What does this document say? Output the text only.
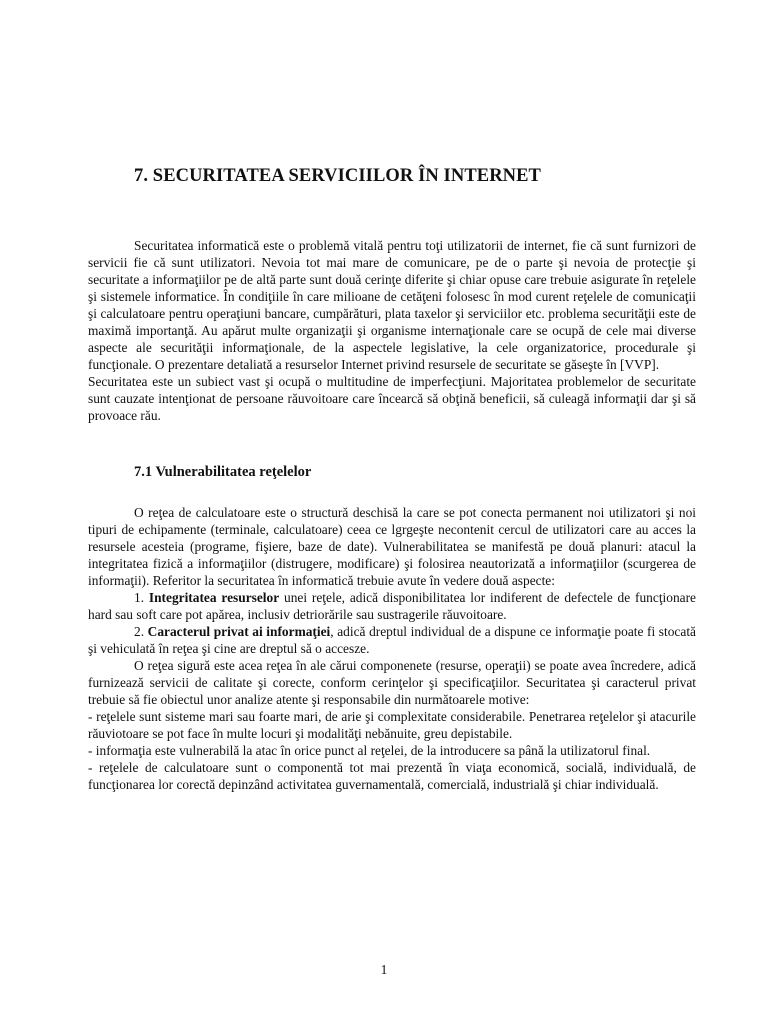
7. SECURITATEA SERVICIILOR ÎN INTERNET

Securitatea informatică este o problemă vitală pentru toţi utilizatorii de internet, fie că sunt furnizori de servicii fie că sunt utilizatori. Nevoia tot mai mare de comunicare, pe de o parte şi nevoia de protecţie şi securitate a informaţiilor pe de altă parte sunt două cerinţe diferite şi chiar opuse care trebuie asigurate în reţelele şi sistemele informatice. În condiţiile în care milioane de cetăţeni folosesc în mod curent reţelele de comunicaţii şi calculatoare pentru operaţiuni bancare, cumpărături, plata taxelor şi serviciilor etc. problema securităţii este de maximă importanţă. Au apărut multe organizaţii şi organisme internaţionale care se ocupă de cele mai diverse aspecte ale securităţii informaţionale, de la aspectele legislative, la cele organizatorice, procedurale şi funcţionale. O prezentare detaliată a resurselor Internet privind resursele de securitate se găseşte în [VVP].

Securitatea este un subiect vast şi ocupă o multitudine de imperfecţiuni. Majoritatea problemelor de securitate sunt cauzate intenţionat de persoane răuvoitoare care încearcă să obţină beneficii, să culeagă informaţii dar şi să provoace rău.

7.1 Vulnerabilitatea reţelelor

O reţea de calculatoare este o structură deschisă la care se pot conecta permanent noi utilizatori şi noi tipuri de echipamente (terminale, calculatoare) ceea ce lgrgeşte necontenit cercul de utilizatori care au acces la resursele acesteia (programe, fişiere, baze de date). Vulnerabilitatea se manifestă pe două planuri: atacul la integritatea fizică a informaţiilor (distrugere, modificare) şi folosirea neautorizată a informaţiilor (scurgerea de informaţii). Referitor la securitatea în informatică trebuie avute în vedere două aspecte:

1. Integritatea resurselor unei reţele, adică disponibilitatea lor indiferent de defectele de funcţionare hard sau soft care pot apărea, inclusiv detriorările sau sustragerile răuvoitoare.

2. Caracterul privat ai informaţiei, adică dreptul individual de a dispune ce informaţie poate fi stocată şi vehiculată în reţea şi cine are dreptul să o accesze.

O reţea sigură este acea reţea în ale cărui componenete (resurse, operaţii) se poate avea încredere, adică furnizează servicii de calitate şi corecte, conform cerinţelor şi specificaţiilor. Securitatea şi caracterul privat trebuie să fie obiectul unor analize atente şi responsabile din nurmătoarele motive:

- reţelele sunt sisteme mari sau foarte mari, de arie şi complexitate considerabile. Penetrarea reţelelor şi atacurile răuviotoare se pot face în multe locuri şi modalităţi nebănuite, greu depistabile.

- informaţia este vulnerabilă la atac în orice punct al reţelei, de la introducere sa până la utilizatorul final.

- reţelele de calculatoare sunt o componentă tot mai prezentă în viaţa economică, socială, individuală, de funcţionarea lor corectă depinzând activitatea guvernamentală, comercială, industrială şi chiar individuală.

1
